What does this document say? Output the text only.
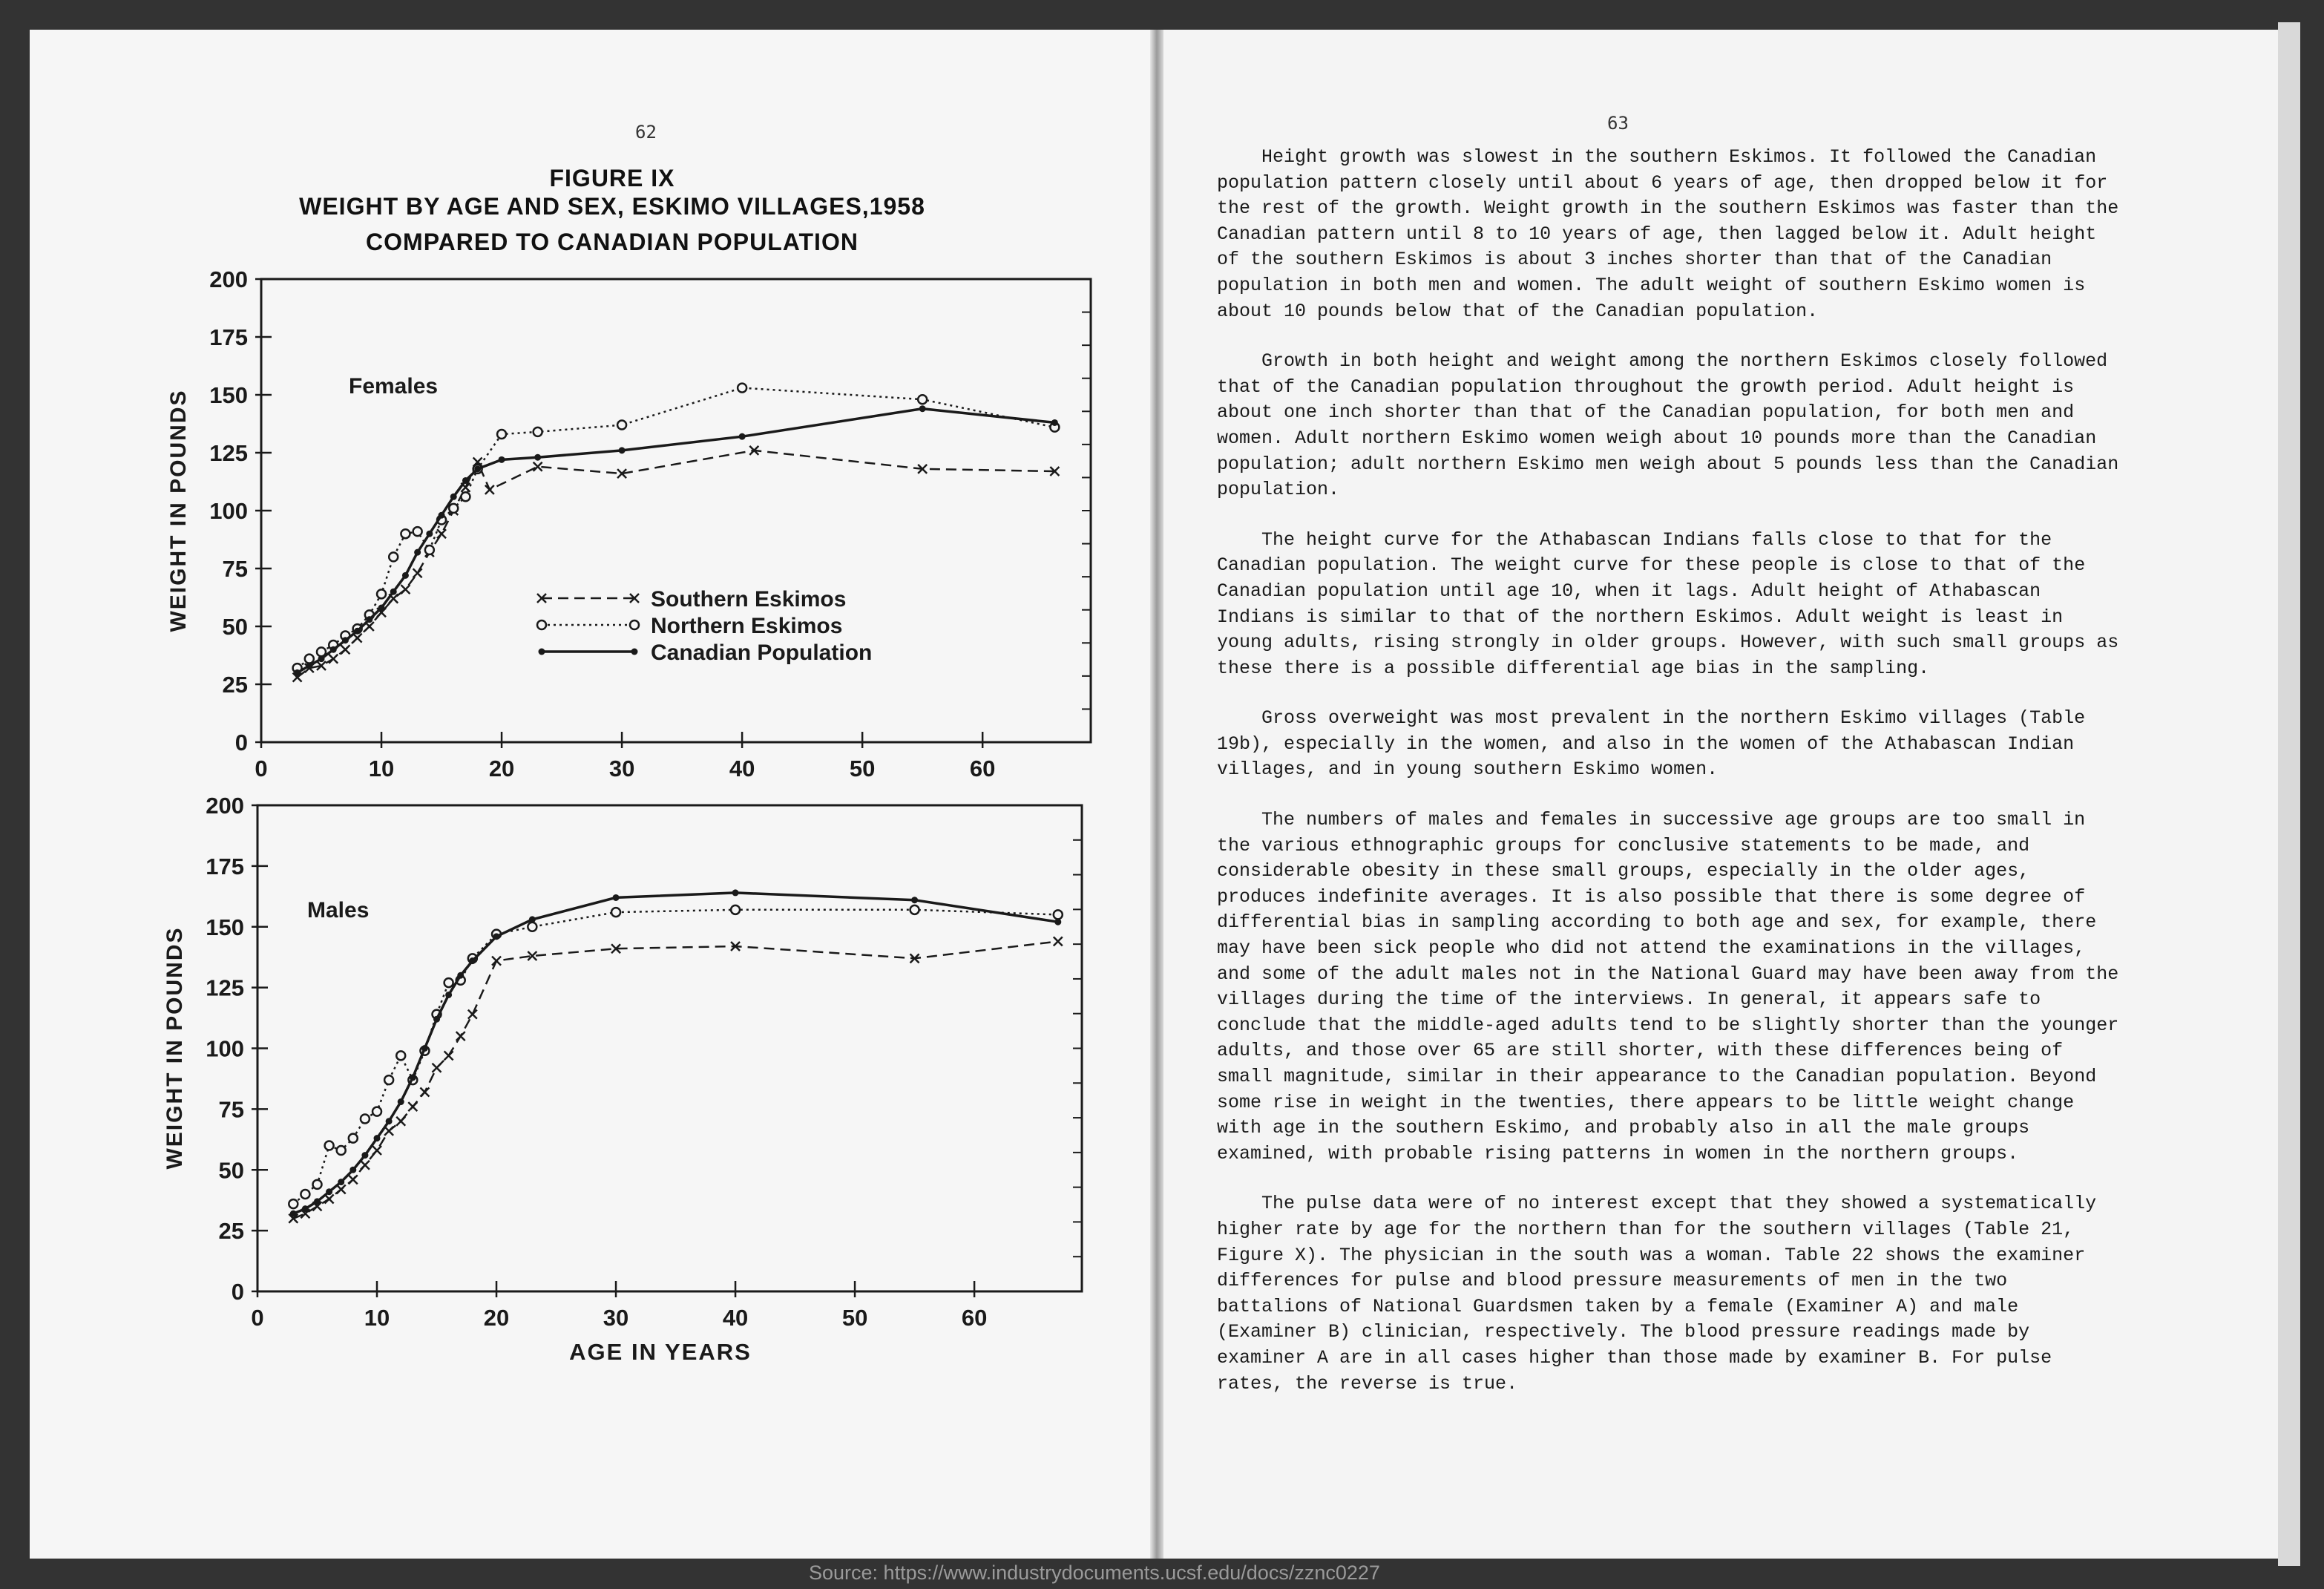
62
FIGURE IX
WEIGHT BY AGE AND SEX, ESKIMO VILLAGES,1958
COMPARED TO CANADIAN POPULATION
0
25
50
75
100
125
150
175
200
0	10	20	30	40	50	60
WEIGHT IN POUNDS
Females
Southern Eskimos
Northern Eskimos
Canadian Population
0
25
50
75
100
125
150
175
200
0	10	20	30	40	50	60
WEIGHT IN POUNDS
AGE IN YEARS
Males
63

Height growth was slowest in the southern Eskimos. It followed the Canadian population pattern closely until about 6 years of age, then dropped below it for the rest of the growth. Weight growth in the southern Eskimos was faster than the Canadian pattern until 8 to 10 years of age, then lagged below it. Adult height of the southern Eskimos is about 3 inches shorter than that of the Canadian population in both men and women. The adult weight of southern Eskimo women is about 10 pounds below that of the Canadian population.

Growth in both height and weight among the northern Eskimos closely followed that of the Canadian population throughout the growth period. Adult height is about one inch shorter than that of the Canadian population, for both men and women. Adult northern Eskimo women weigh about 10 pounds more than the Canadian population; adult northern Eskimo men weigh about 5 pounds less than the Canadian population.

The height curve for the Athabascan Indians falls close to that for the Canadian population. The weight curve for these people is close to that of the Canadian population until age 10, when it lags. Adult height of Athabascan Indians is similar to that of the northern Eskimos. Adult weight is least in young adults, rising strongly in older groups. However, with such small groups as these there is a possible differential age bias in the sampling.

Gross overweight was most prevalent in the northern Eskimo villages (Table 19b), especially in the women, and also in the women of the Athabascan Indian villages, and in young southern Eskimo women.

The numbers of males and females in successive age groups are too small in the various ethnographic groups for conclusive statements to be made, and considerable obesity in these small groups, especially in the older ages, produces indefinite averages. It is also possible that there is some degree of differential bias in sampling according to both age and sex, for example, there may have been sick people who did not attend the examinations in the villages, and some of the adult males not in the National Guard may have been away from the villages during the time of the interviews. In general, it appears safe to conclude that the middle-aged adults tend to be slightly shorter than the younger adults, and those over 65 are still shorter, with these differences being of small magnitude, similar in their appearance to the Canadian population. Beyond some rise in weight in the twenties, there appears to be little weight change with age in the southern Eskimo, and probably also in all the male groups examined, with probable rising patterns in women in the northern groups.

The pulse data were of no interest except that they showed a systematically higher rate by age for the northern than for the southern villages (Table 21, Figure X). The physician in the south was a woman. Table 22 shows the examiner differences for pulse and blood pressure measurements of men in the two battalions of National Guardsmen taken by a female (Examiner A) and male (Examiner B) clinician, respectively. The blood pressure readings made by examiner A are in all cases higher than those made by examiner B. For pulse rates, the reverse is true.

Source: https://www.industrydocuments.ucsf.edu/docs/zznc0227
